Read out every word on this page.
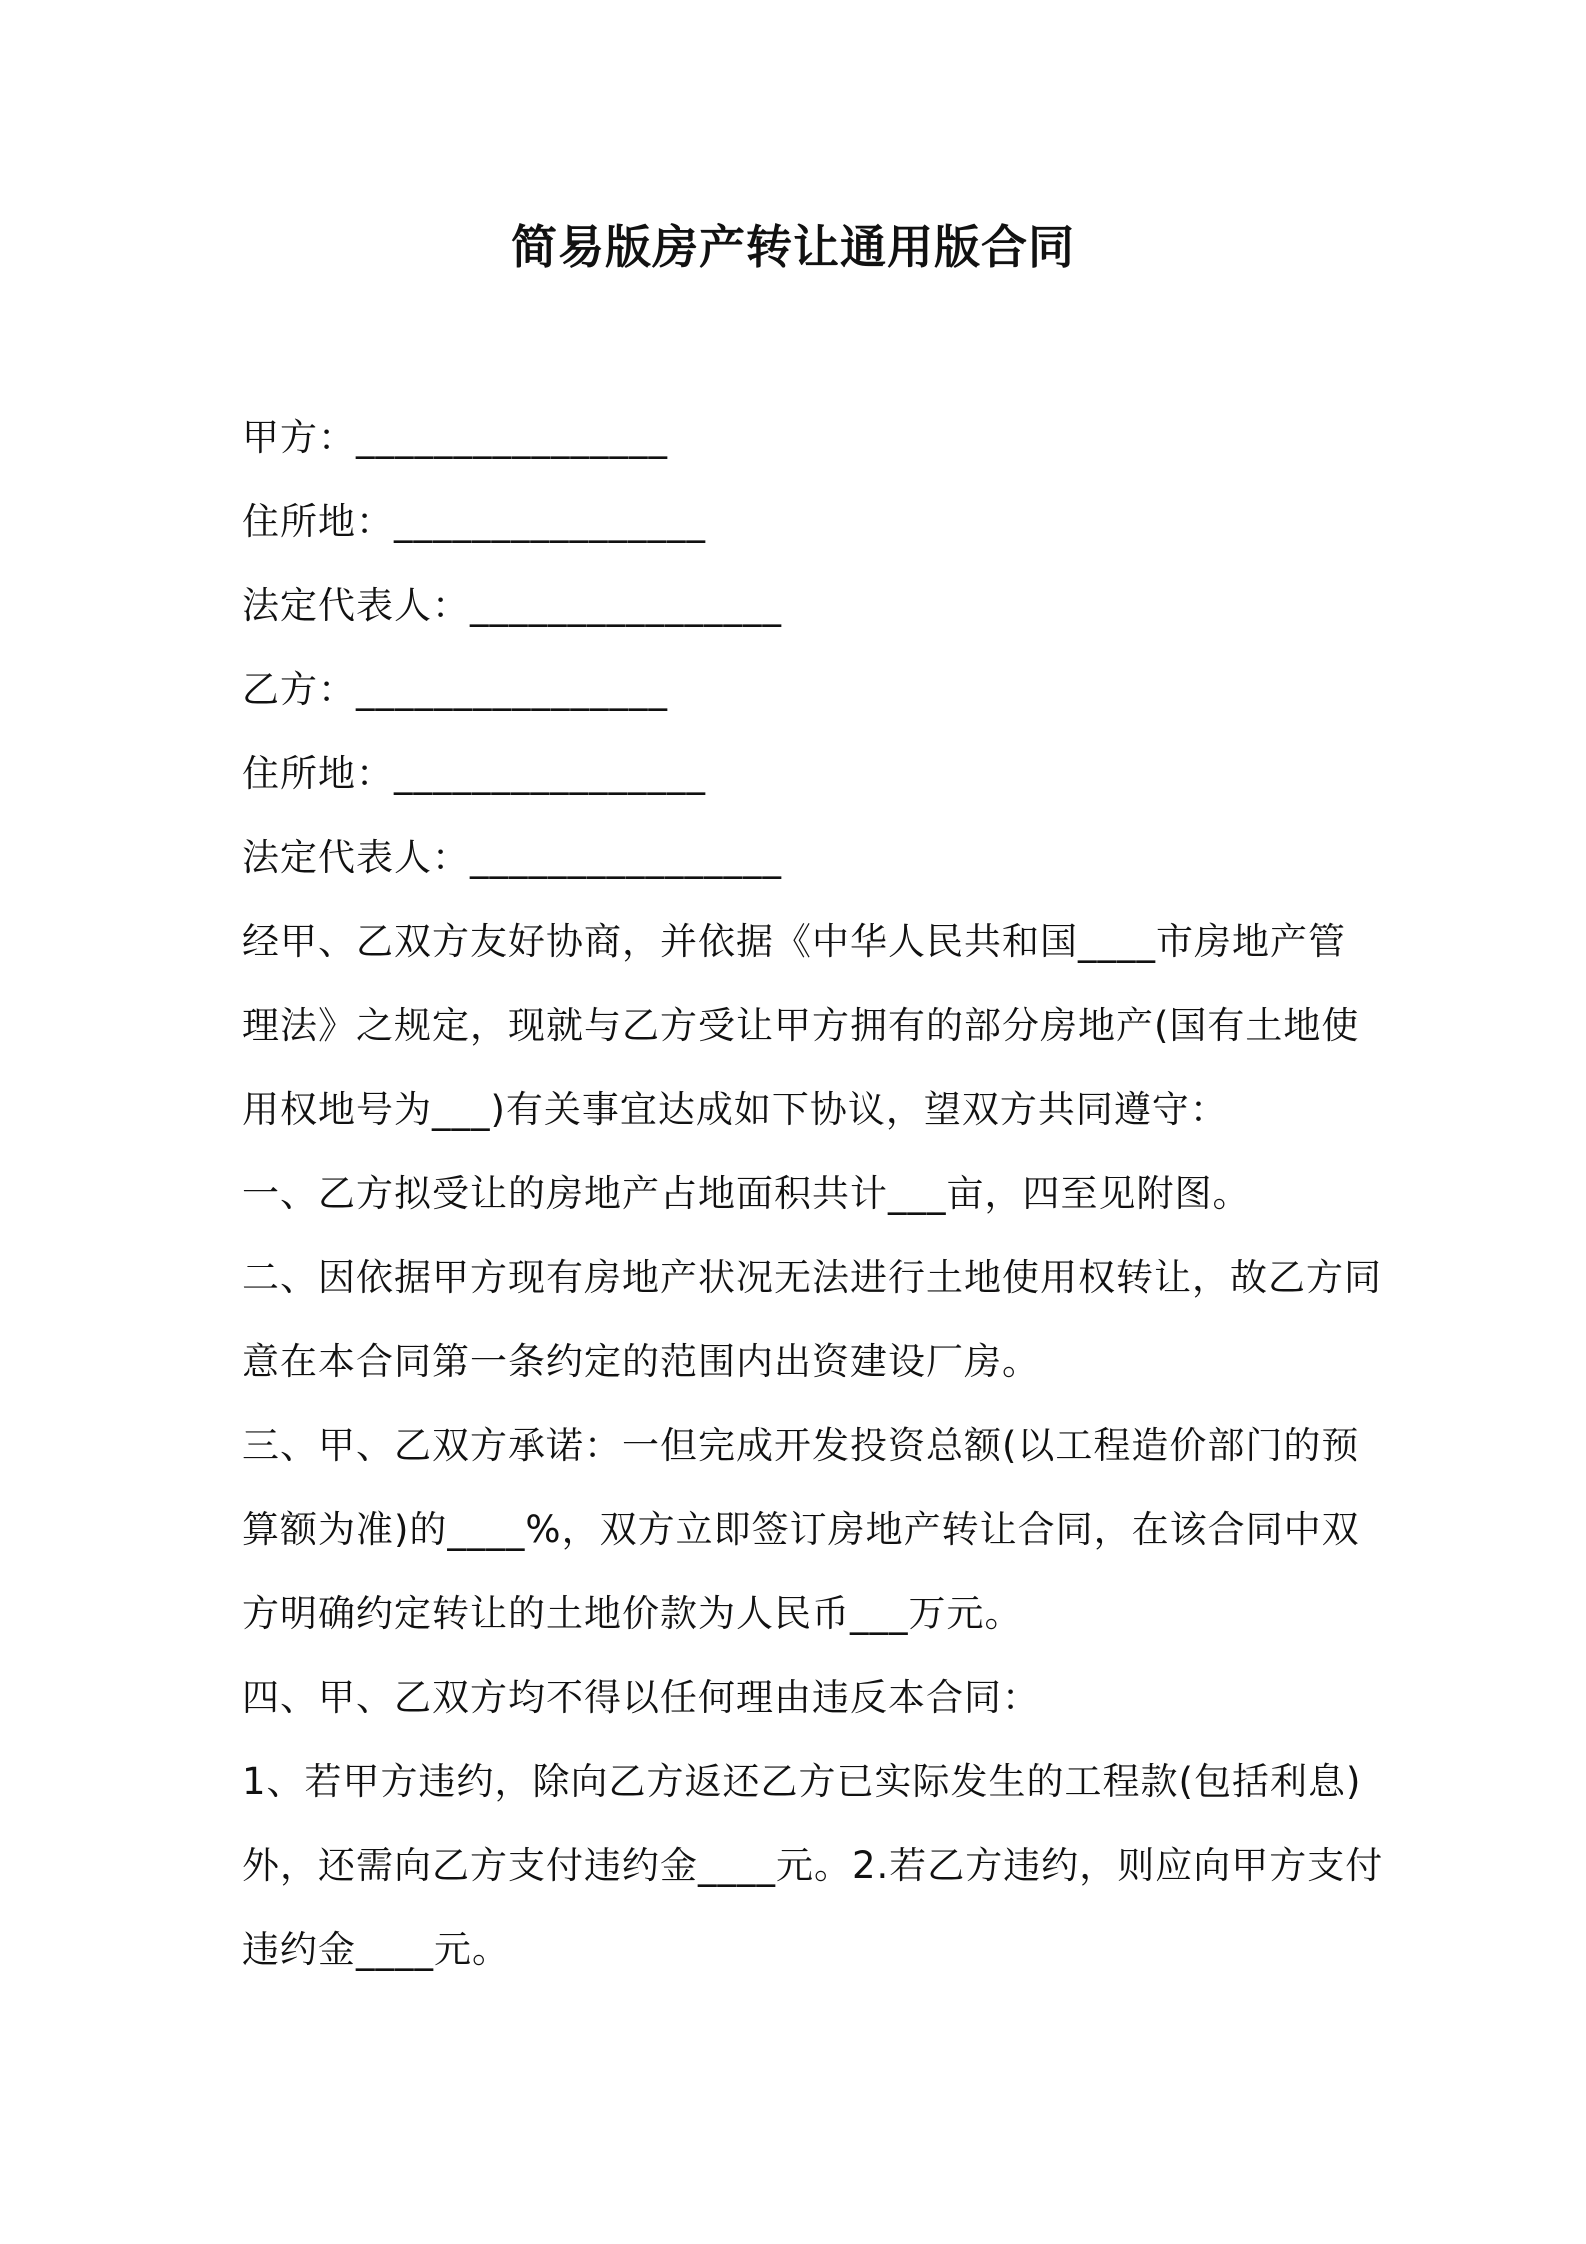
简易版房产转让通用版合同
甲方：________________
住所地：________________
法定代表人：________________
乙方：________________
住所地：________________
法定代表人：________________
经甲、乙双方友好协商，并依据《中华人民共和国____市房地产管
理法》之规定，现就与乙方受让甲方拥有的部分房地产(国有土地使
用权地号为___)有关事宜达成如下协议，望双方共同遵守：
一、乙方拟受让的房地产占地面积共计___亩，四至见附图。
二、因依据甲方现有房地产状况无法进行土地使用权转让，故乙方同
意在本合同第一条约定的范围内出资建设厂房。
三、甲、乙双方承诺：一但完成开发投资总额(以工程造价部门的预
算额为准)的____%，双方立即签订房地产转让合同，在该合同中双
方明确约定转让的土地价款为人民币___万元。
四、甲、乙双方均不得以任何理由违反本合同：
1、若甲方违约，除向乙方返还乙方已实际发生的工程款(包括利息)
外，还需向乙方支付违约金____元。2.若乙方违约，则应向甲方支付
违约金____元。
